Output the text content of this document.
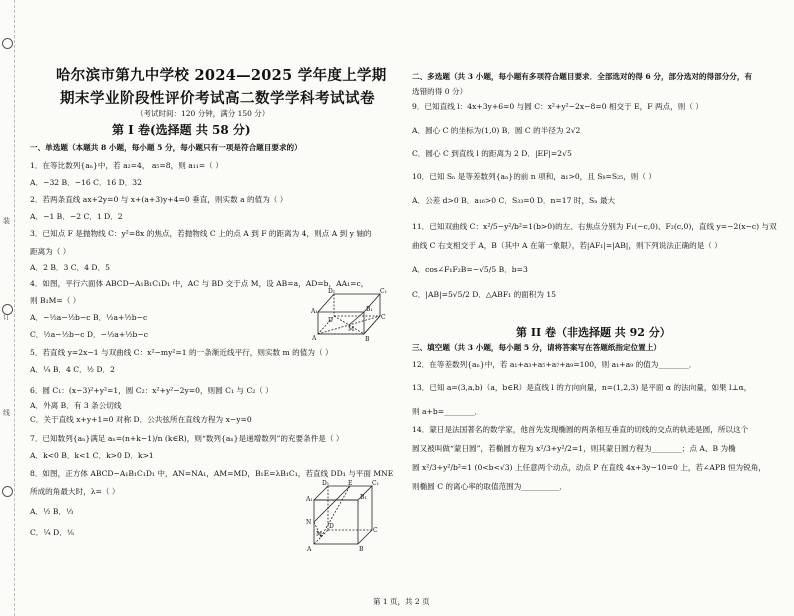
装
订
线
哈尔滨市第九中学校 2024—2025 学年度上学期
期末学业阶段性评价考试高二数学学科考试试卷
（考试时间：120 分钟，满分 150 分）
第 I 卷(选择题 共 58 分)
一、单选题（本题共 8 小题，每小题 5 分，每小题只有一项是符合题目要求的）
1．在等比数列{aₙ}中，若 a₂=4， a₅=8，则 a₁₁=（ ）
A．−32 B．−16 C．16 D．32
2．若两条直线 ax+2y=0 与 x+(a+3)y+4=0 垂直，则实数 a 的值为（ ）
A．−1 B．−2 C．1 D．2
3．已知点 F 是抛物线 C：y²=8x 的焦点，若抛物线 C 上的点 A 到 F 的距离为 4，则点 A 到 y 轴的
距离为（ ）
A．2 B．3 C．4 D．5
4．如图，平行六面体 ABCD−A₁B₁C₁D₁ 中，AC 与 BD 交于点 M，设 AB=a，AD=b，AA₁=c，
则 B₁M=（ ）
A．−½a−½b−c B．½a+½b−c
C．½a−½b−c D．−½a+½b−c
5．若直线 y=2x−1 与双曲线 C：x²−my²=1 的一条渐近线平行，则实数 m 的值为（ ）
A．¼ B．4 C．½ D．2
6．圆 C₁：(x−3)²+y²=1，圆 C₂：x²+y²−2y=0，则圆 C₁ 与 C₂（ ）
A．外离 B．有 3 条公切线
C．关于直线 x+y+1=0 对称 D．公共弦所在直线方程为 x−y=0
7．已知数列{aₙ}满足 aₙ=(n+k−1)/n (k∈R)，则“数列{aₙ}是递增数列”的充要条件是（ ）
A．k<0 B．k<1 C．k>0 D．k>1
8．如图，正方体 ABCD−A₁B₁C₁D₁ 中，AN=NA₁，AM=MD，B₁E=λB₁C₁，若直线 DD₁ 与平面 MNE
所成的角最大时，λ=（ ）
A．½ B．⅓
C．¼ D．⅕
二、多选题（共 3 小题，每小题有多项符合题目要求．全部选对的得 6 分，部分选对的得部分分，有
选错的得 0 分）
9．已知直线 l：4x+3y+6=0 与圆 C：x²+y²−2x−8=0 相交于 E，F 两点，则（ ）
A．圆心 C 的坐标为(1,0) B．圆 C 的半径为 2√2
C．圆心 C 到直线 l 的距离为 2 D．|EF|=2√5
10．已知 Sₙ 是等差数列{aₙ}的前 n 项和，a₁>0，且 S₈=S₂₅，则（ ）
A．公差 d>0 B．a₁₆>0 C．S₃₃=0 D．n=17 时，Sₙ 最大
11．已知双曲线 C：x²/5−y²/b²=1(b>0)的左、右焦点分别为 F₁(−c,0)、F₂(c,0)，直线 y=−2(x−c) 与双
曲线 C 右支相交于 A，B（其中 A 在第一象限），若|AF₁|=|AB|，则下列说法正确的是（ ）
A．cos∠F₁F₂B=−√5/5 B．b=3
C．|AB|=5√5/2 D．△ABF₁ 的面积为 15
第 II 卷（非选择题 共 92 分）
三、填空题（共 3 小题，每小题 5 分，请将答案写在答题纸指定位置上）
12．在等差数列{aₙ}中，若 a₁+a₃+a₅+a₇+a₉=100，则 a₁+a₉ 的值为________．
13．已知 a=(3,a,b)（a，b∈R）是直线 l 的方向向量，n=(1,2,3) 是平面 α 的法向量，如果 l⊥α，
则 a+b=________．
14．蒙日是法国著名的数学家，他首先发现椭圆的两条相互垂直的切线的交点的轨迹是圆，所以这个
圆又被叫做“蒙日圆”，若椭圆方程为 x²/3+y²/2=1，则其蒙日圆方程为________；点 A、B 为椭
圆 x²/3+y²/b²=1 (0<b<√3) 上任意两个动点，动点 P 在直线 4x+3y−10=0 上，若∠APB 恒为锐角，
则椭圆 C 的离心率的取值范围为__________．
D₁	C₁
A₁	B₁
D	C
M
A	B
D₁	C₁
A₁
E
B₁
M
N
D
C
A	B
第 1 页，共 2 页
